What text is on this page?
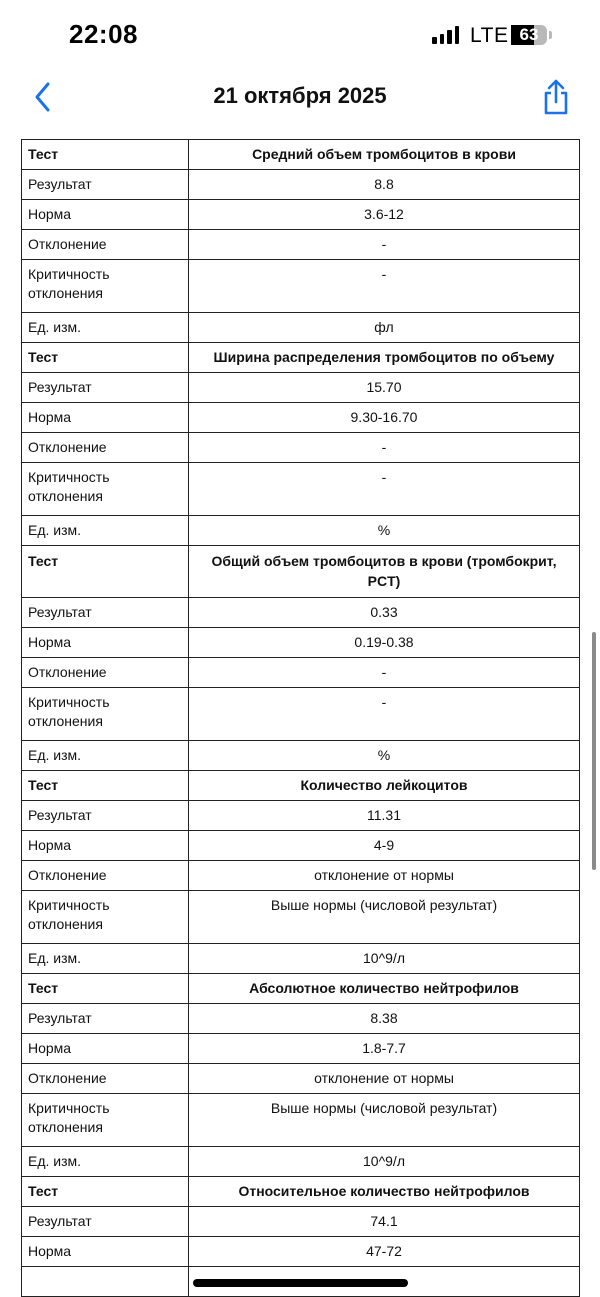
22:08	LTE 63
21 октября 2025
Тест	Средний объем тромбоцитов в крови
Результат	8.8
Норма	3.6-12
Отклонение	-
Критичность отклонения	-
Ед. изм.	фл
Тест	Ширина распределения тромбоцитов по объему
Результат	15.70
Норма	9.30-16.70
Отклонение	-
Критичность отклонения	-
Ед. изм.	%
Тест	Общий объем тромбоцитов в крови (тромбокрит, PCT)
Результат	0.33
Норма	0.19-0.38
Отклонение	-
Критичность отклонения	-
Ед. изм.	%
Тест	Количество лейкоцитов
Результат	11.31
Норма	4-9
Отклонение	отклонение от нормы
Критичность отклонения	Выше нормы (числовой результат)
Ед. изм.	10^9/л
Тест	Абсолютное количество нейтрофилов
Результат	8.38
Норма	1.8-7.7
Отклонение	отклонение от нормы
Критичность отклонения	Выше нормы (числовой результат)
Ед. изм.	10^9/л
Тест	Относительное количество нейтрофилов
Результат	74.1
Норма	47-72
